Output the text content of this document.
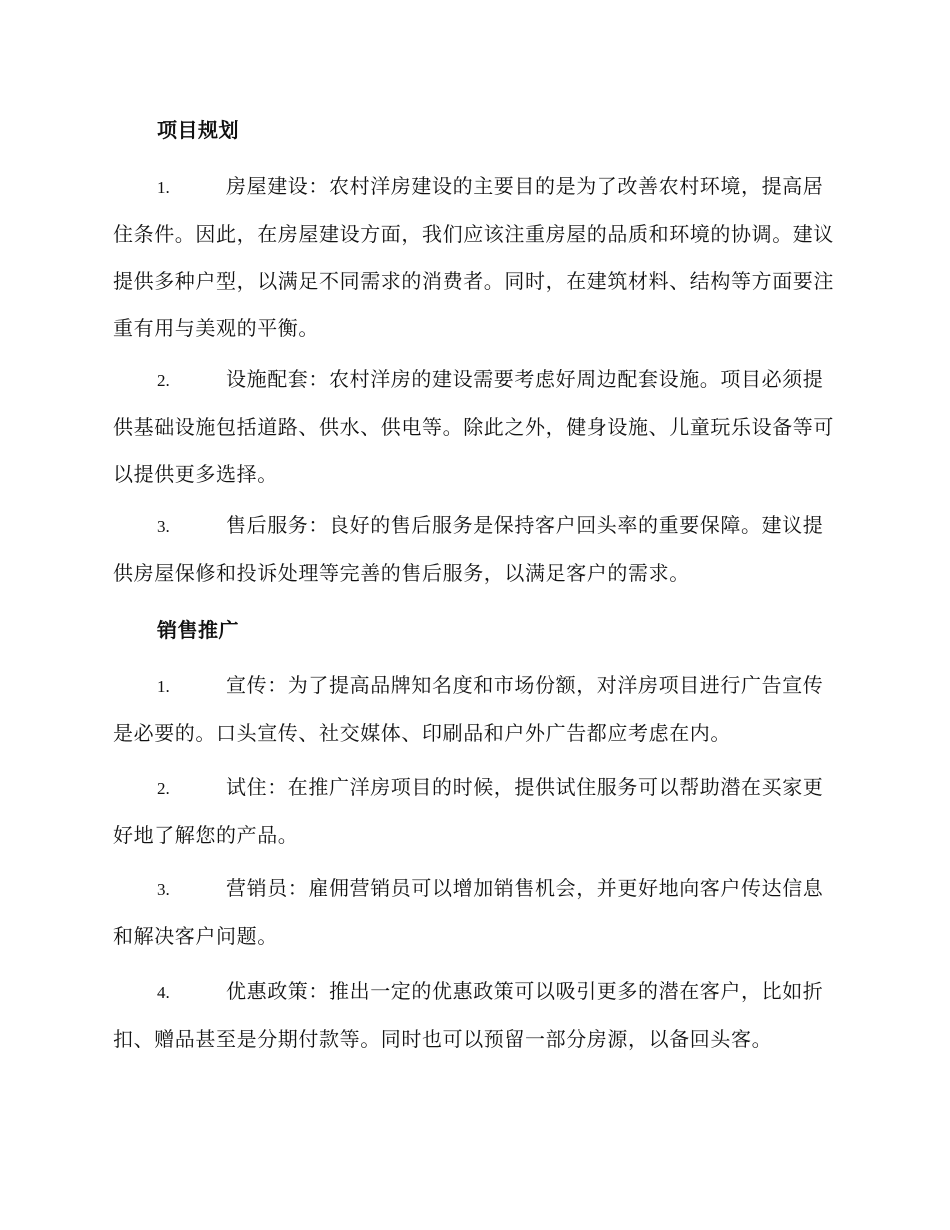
项目规划

1.	房屋建设：农村洋房建设的主要目的是为了改善农村环境，提高居住条件。因此，在房屋建设方面，我们应该注重房屋的品质和环境的协调。建议提供多种户型，以满足不同需求的消费者。同时，在建筑材料、结构等方面要注重有用与美观的平衡。

2.	设施配套：农村洋房的建设需要考虑好周边配套设施。项目必须提供基础设施包括道路、供水、供电等。除此之外，健身设施、儿童玩乐设备等可以提供更多选择。

3.	售后服务：良好的售后服务是保持客户回头率的重要保障。建议提供房屋保修和投诉处理等完善的售后服务，以满足客户的需求。

销售推广

1.	宣传：为了提高品牌知名度和市场份额，对洋房项目进行广告宣传是必要的。口头宣传、社交媒体、印刷品和户外广告都应考虑在内。

2.	试住：在推广洋房项目的时候，提供试住服务可以帮助潜在买家更好地了解您的产品。

3.	营销员：雇佣营销员可以增加销售机会，并更好地向客户传达信息和解决客户问题。

4.	优惠政策：推出一定的优惠政策可以吸引更多的潜在客户，比如折扣、赠品甚至是分期付款等。同时也可以预留一部分房源，以备回头客。
